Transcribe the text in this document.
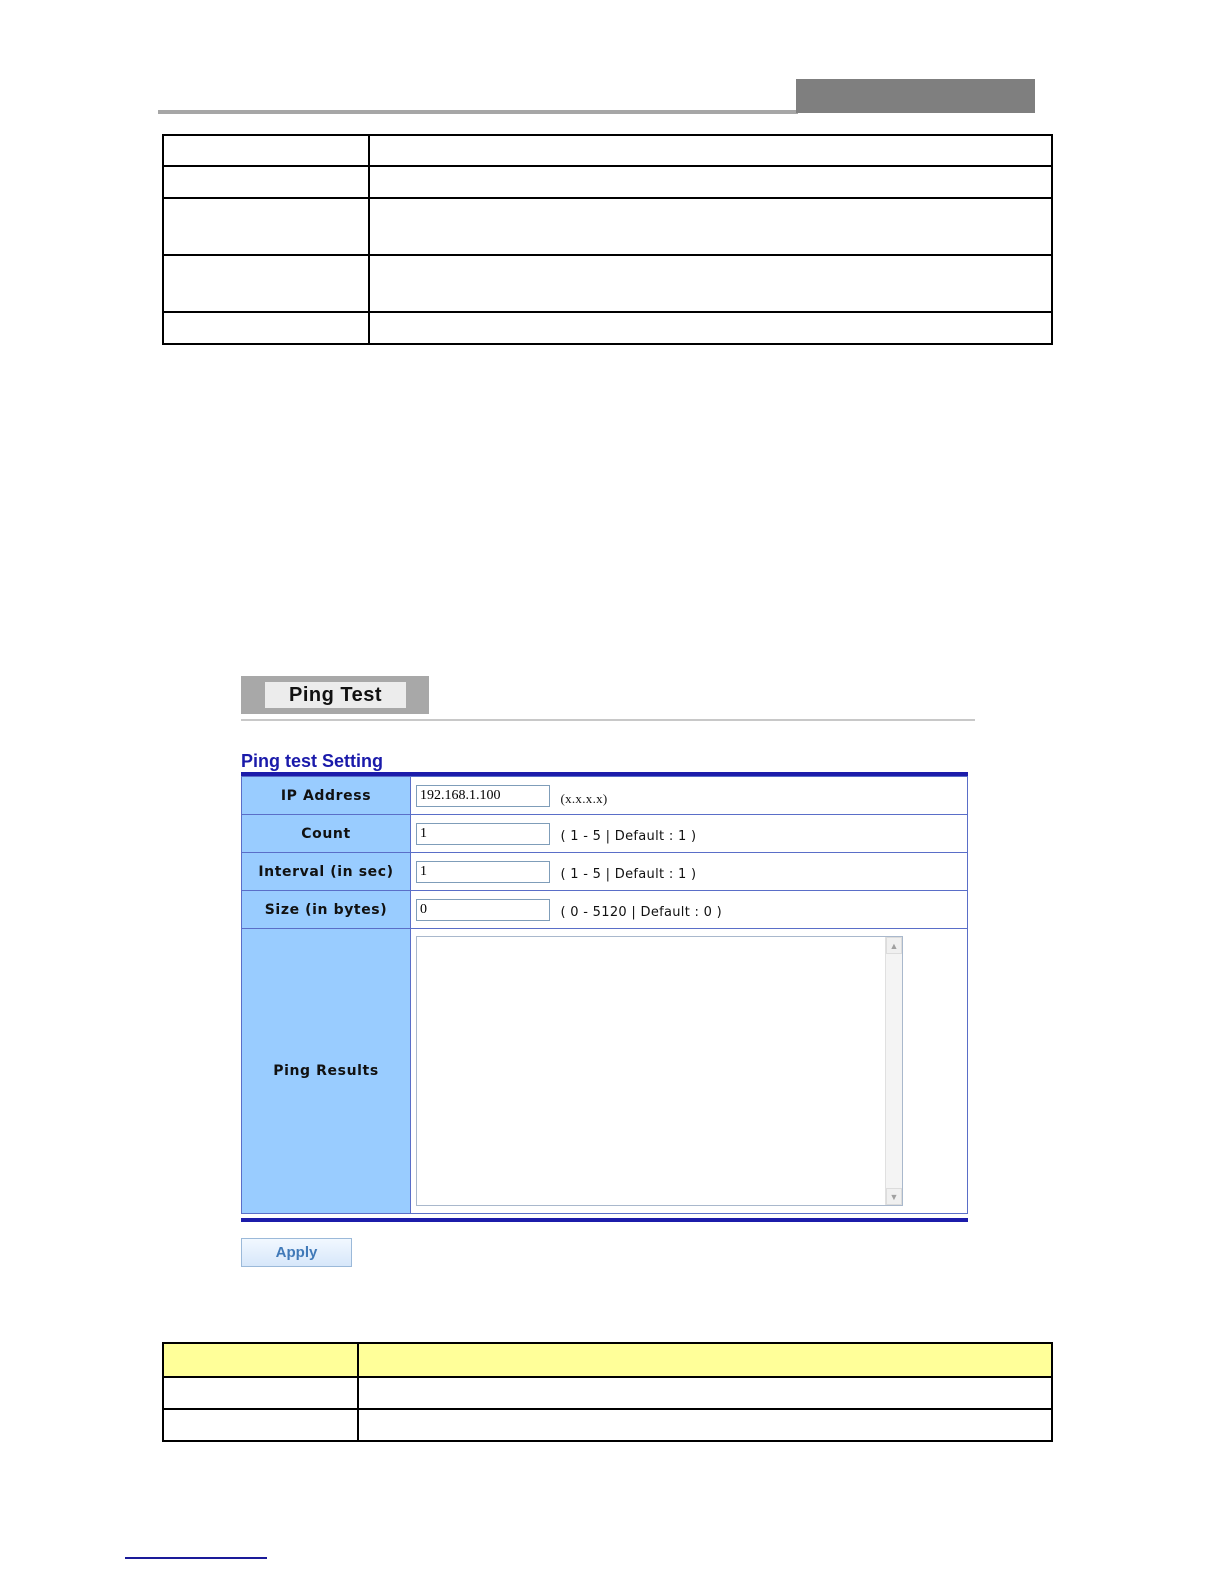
Ping Test
Ping test Setting
IP Address	192.168.1.100(x.x.x.x)
Count	1( 1 - 5 | Default : 1 )
Interval (in sec)	1( 1 - 5 | Default : 1 )
Size (in bytes)	0( 0 - 5120 | Default : 0 )
Ping Results	▲
▼
Apply
